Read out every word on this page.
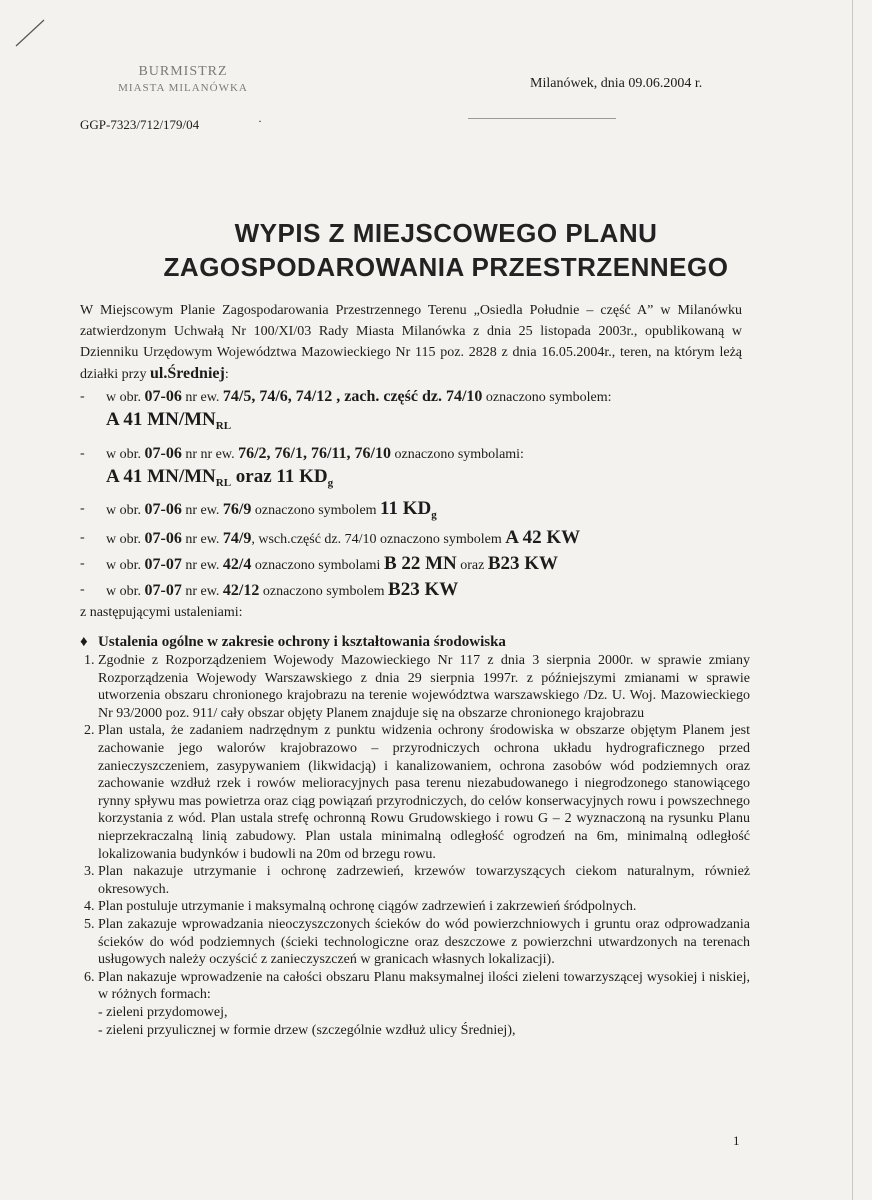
BURMISTRZ
MIASTA MILANÓWKA	Milanówek, dnia 09.06.2004 r.
GGP-7323/712/179/04	·
WYPIS Z MIEJSCOWEGO PLANU
ZAGOSPODAROWANIA PRZESTRZENNEGO
W Miejscowym Planie Zagospodarowania Przestrzennego Terenu „Osiedla Południe – część A” w Milanówku zatwierdzonym Uchwałą Nr 100/XI/03 Rady Miasta Milanówka z dnia 25 listopada 2003r., opublikowaną w Dzienniku Urzędowym Województwa Mazowieckiego Nr 115 poz. 2828 z dnia 16.05.2004r., teren, na którym leżą działki przy ul.Średniej:
- w obr. 07-06 nr ew. 74/5, 74/6, 74/12 , zach. część dz. 74/10 oznaczono symbolem:
A 41 $MN/MN_{RL}$
- w obr. 07-06 nr nr ew. 76/2, 76/1, 76/11, 76/10 oznaczono symbolami:
A 41 $MN/MN_{RL}$ oraz 11 $KD_g$
- w obr. 07-06 nr ew. 76/9 oznaczono symbolem 11 $KD_g$
- w obr. 07-06 nr ew. 74/9, wsch.część dz. 74/10 oznaczono symbolem A 42 KW
- w obr. 07-07 nr ew. 42/4 oznaczono symbolami B 22 MN oraz B23 KW
- w obr. 07-07 nr ew. 42/12 oznaczono symbolem B23 KW
z następującymi ustaleniami:
♦ Ustalenia ogólne w zakresie ochrony i kształtowania środowiska
1. Zgodnie z Rozporządzeniem Wojewody Mazowieckiego Nr 117 z dnia 3 sierpnia 2000r. w sprawie zmiany Rozporządzenia Wojewody Warszawskiego z dnia 29 sierpnia 1997r. z późniejszymi zmianami w sprawie utworzenia obszaru chronionego krajobrazu na terenie województwa warszawskiego /Dz. U. Woj. Mazowieckiego Nr 93/2000 poz. 911/ cały obszar objęty Planem znajduje się na obszarze chronionego krajobrazu
2. Plan ustala, że zadaniem nadrzędnym z punktu widzenia ochrony środowiska w obszarze objętym Planem jest zachowanie jego walorów krajobrazowo – przyrodniczych ochrona układu hydrograficznego przed zanieczyszczeniem, zasypywaniem (likwidacją) i kanalizowaniem, ochrona zasobów wód podziemnych oraz zachowanie wzdłuż rzek i rowów melioracyjnych pasa terenu niezabudowanego i niegrodzonego stanowiącego rynny spływu mas powietrza oraz ciąg powiązań przyrodniczych, do celów konserwacyjnych rowu i powszechnego korzystania z wód. Plan ustala strefę ochronną Rowu Grudowskiego i rowu G – 2 wyznaczoną na rysunku Planu nieprzekraczalną linią zabudowy. Plan ustala minimalną odległość ogrodzeń na 6m, minimalną odległość lokalizowania budynków i budowli na 20m od brzegu rowu.
3. Plan nakazuje utrzymanie i ochronę zadrzewień, krzewów towarzyszących ciekom naturalnym, również okresowych.
4. Plan postuluje utrzymanie i maksymalną ochronę ciągów zadrzewień i zakrzewień śródpolnych.
5. Plan zakazuje wprowadzania nieoczyszczonych ścieków do wód powierzchniowych i gruntu oraz odprowadzania ścieków do wód podziemnych (ścieki technologiczne oraz deszczowe z powierzchni utwardzonych na terenach usługowych należy oczyścić z zanieczyszczeń w granicach własnych lokalizacji).
6. Plan nakazuje wprowadzenie na całości obszaru Planu maksymalnej ilości zieleni towarzyszącej wysokiej i niskiej, w różnych formach:
- zieleni przydomowej,
- zieleni przyulicznej w formie drzew (szczególnie wzdłuż ulicy Średniej),
1
